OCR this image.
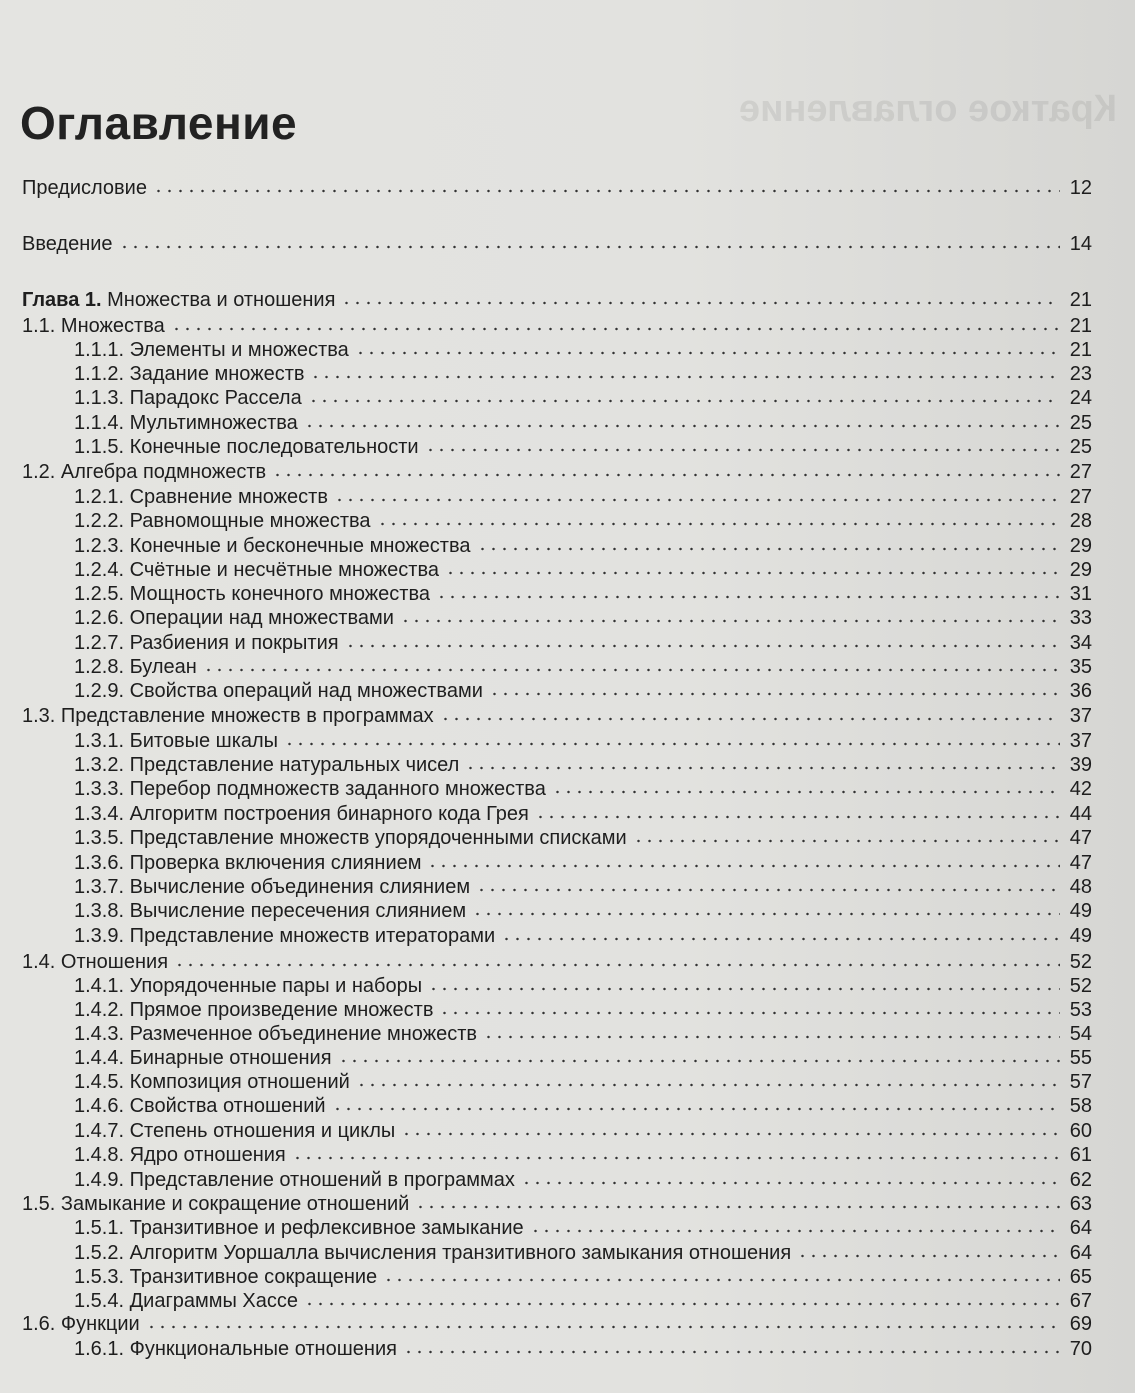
Краткое оглавление
Оглавление
Предисловие	12
Введение	14
Глава 1. Множества и отношения	21
1.1. Множества	21
1.1.1. Элементы и множества	21
1.1.2. Задание множеств	23
1.1.3. Парадокс Рассела	24
1.1.4. Мультимножества	25
1.1.5. Конечные последовательности	25
1.2. Алгебра подмножеств	27
1.2.1. Сравнение множеств	27
1.2.2. Равномощные множества	28
1.2.3. Конечные и бесконечные множества	29
1.2.4. Счётные и несчётные множества	29
1.2.5. Мощность конечного множества	31
1.2.6. Операции над множествами	33
1.2.7. Разбиения и покрытия	34
1.2.8. Булеан	35
1.2.9. Свойства операций над множествами	36
1.3. Представление множеств в программах	37
1.3.1. Битовые шкалы	37
1.3.2. Представление натуральных чисел	39
1.3.3. Перебор подмножеств заданного множества	42
1.3.4. Алгоритм построения бинарного кода Грея	44
1.3.5. Представление множеств упорядоченными списками	47
1.3.6. Проверка включения слиянием	47
1.3.7. Вычисление объединения слиянием	48
1.3.8. Вычисление пересечения слиянием	49
1.3.9. Представление множеств итераторами	49
1.4. Отношения	52
1.4.1. Упорядоченные пары и наборы	52
1.4.2. Прямое произведение множеств	53
1.4.3. Размеченное объединение множеств	54
1.4.4. Бинарные отношения	55
1.4.5. Композиция отношений	57
1.4.6. Свойства отношений	58
1.4.7. Степень отношения и циклы	60
1.4.8. Ядро отношения	61
1.4.9. Представление отношений в программах	62
1.5. Замыкание и сокращение отношений	63
1.5.1. Транзитивное и рефлексивное замыкание	64
1.5.2. Алгоритм Уоршалла вычисления транзитивного замыкания отношения	64
1.5.3. Транзитивное сокращение	65
1.5.4. Диаграммы Хассе	67
1.6. Функции	69
1.6.1. Функциональные отношения	70
